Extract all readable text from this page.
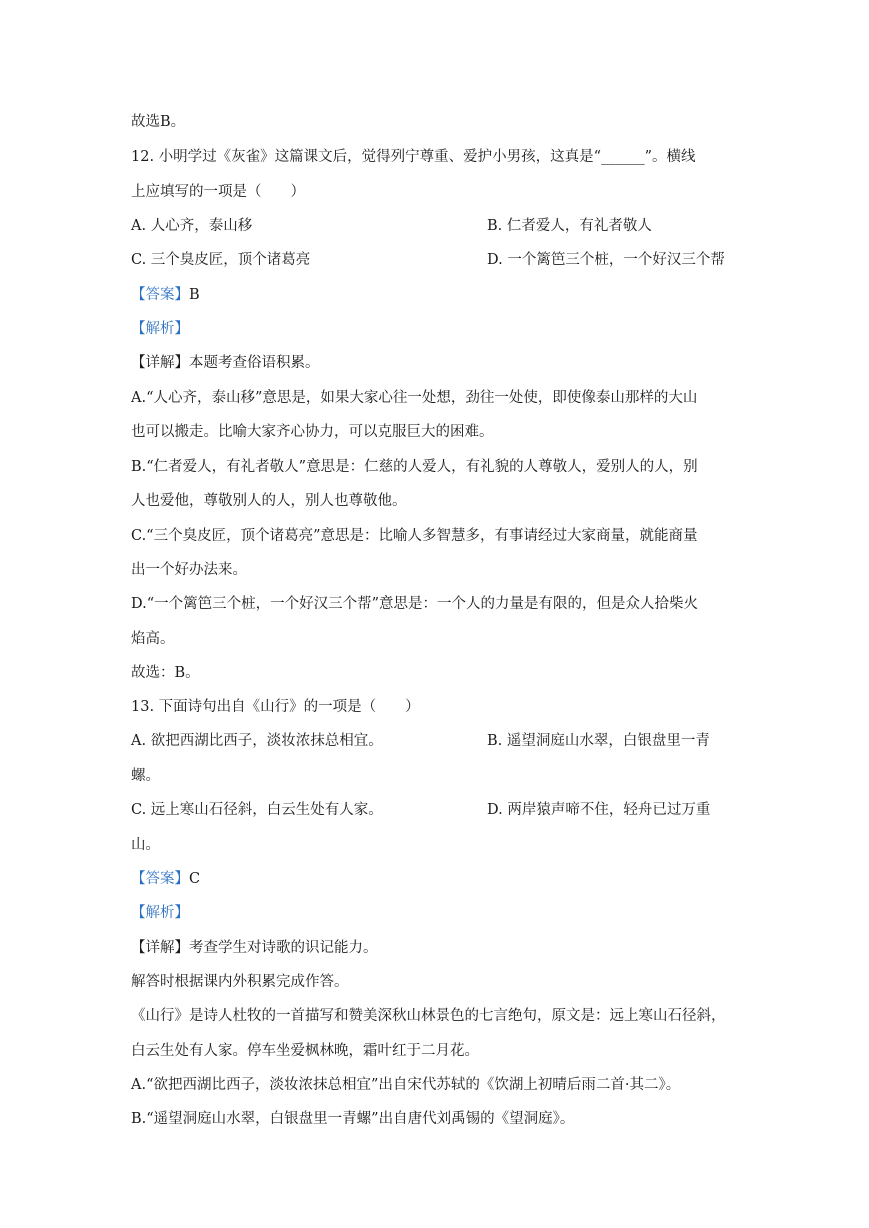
故选B。
12. 小明学过《灰雀》这篇课文后，觉得列宁尊重、爱护小男孩，这真是“______”。横线
上应填写的一项是（　　）
A. 人心齐，泰山移	B. 仁者爱人，有礼者敬人
C. 三个臭皮匠，顶个诸葛亮	D. 一个篱笆三个桩，一个好汉三个帮
【答案】B
【解析】
【详解】本题考查俗语积累。
A.“人心齐，泰山移”意思是，如果大家心往一处想，劲往一处使，即使像泰山那样的大山
也可以搬走。比喻大家齐心协力，可以克服巨大的困难。
B.“仁者爱人，有礼者敬人”意思是：仁慈的人爱人，有礼貌的人尊敬人，爱别人的人，别
人也爱他，尊敬别人的人，别人也尊敬他。
C.“三个臭皮匠，顶个诸葛亮”意思是：比喻人多智慧多，有事请经过大家商量，就能商量
出一个好办法来。
D.“一个篱笆三个桩，一个好汉三个帮”意思是：一个人的力量是有限的，但是众人拾柴火
焰高。
故选：B。
13. 下面诗句出自《山行》的一项是（　　）
A. 欲把西湖比西子，淡妆浓抹总相宜。	B. 遥望洞庭山水翠，白银盘里一青
螺。
C. 远上寒山石径斜，白云生处有人家。	D. 两岸猿声啼不住，轻舟已过万重
山。
【答案】C
【解析】
【详解】考查学生对诗歌的识记能力。
解答时根据课内外积累完成作答。
《山行》是诗人杜牧的一首描写和赞美深秋山林景色的七言绝句，原文是：远上寒山石径斜，
白云生处有人家。停车坐爱枫林晚，霜叶红于二月花。
A.“欲把西湖比西子，淡妆浓抹总相宜”出自宋代苏轼的《饮湖上初晴后雨二首·其二》。
B.“遥望洞庭山水翠，白银盘里一青螺”出自唐代刘禹锡的《望洞庭》。
